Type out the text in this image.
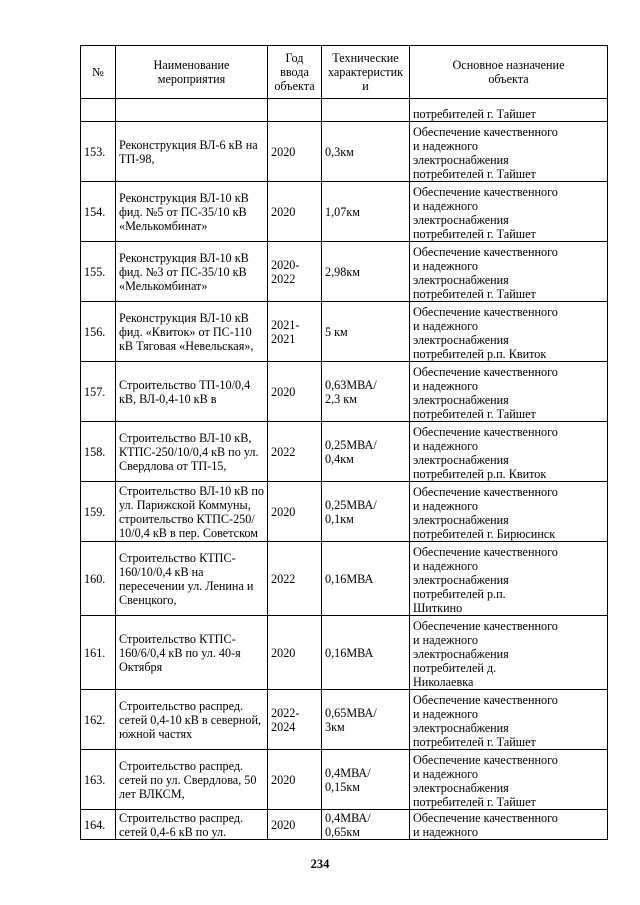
№	Наименование
мероприятия	Год
ввода
объекта	Технические
характеристик
и	Основное назначение
объекта
				потребителей г. Тайшет
153.	Реконструкция ВЛ-6 кВ на
ТП-98,	2020	0,3км	Обеспечение качественного
и надежного
электроснабжения
потребителей г. Тайшет
154.	Реконструкция ВЛ-10 кВ
фид. №5 от ПС-35/10 кВ
«Мелькомбинат»	2020	1,07км	Обеспечение качественного
и надежного
электроснабжения
потребителей г. Тайшет
155.	Реконструкция ВЛ-10 кВ
фид. №3 от ПС-35/10 кВ
«Мелькомбинат»	2020-
2022	2,98км	Обеспечение качественного
и надежного
электроснабжения
потребителей г. Тайшет
156.	Реконструкция ВЛ-10 кВ
фид. «Квиток» от ПС-110
кВ Тяговая «Невельская»,	2021-
2021	5 км	Обеспечение качественного
и надежного
электроснабжения
потребителей р.п. Квиток
157.	Строительство ТП-10/0,4
кВ, ВЛ-0,4-10 кВ в	2020	0,63МВА/
2,3 км	Обеспечение качественного
и надежного
электроснабжения
потребителей г. Тайшет
158.	Строительство ВЛ-10 кВ,
КТПС-250/10/0,4 кВ по ул.
Свердлова от ТП-15,	2022	0,25МВА/
0,4км	Обеспечение качественного
и надежного
электроснабжения
потребителей р.п. Квиток
159.	Строительство ВЛ-10 кВ по
ул. Парижской Коммуны,
строительство КТПС-250/
10/0,4 кВ в пер. Советском	2020	0,25МВА/
0,1км	Обеспечение качественного
и надежного
электроснабжения
потребителей г. Бирюсинск
160.	Строительство КТПС-
160/10/0,4 кВ на
пересечении ул. Ленина и
Свенцкого,	2022	0,16МВА	Обеспечение качественного
и надежного
электроснабжения
потребителей р.п.
Шиткино
161.	Строительство КТПС-
160/6/0,4 кВ по ул. 40-я
Октября	2020	0,16МВА	Обеспечение качественного
и надежного
электроснабжения
потребителей д.
Николаевка
162.	Строительство распред.
сетей 0,4-10 кВ в северной,
южной частях	2022-
2024	0,65МВА/
3км	Обеспечение качественного
и надежного
электроснабжения
потребителей г. Тайшет
163.	Строительство распред.
сетей по ул. Свердлова, 50
лет ВЛКСМ,	2020	0,4МВА/
0,15км	Обеспечение качественного
и надежного
электроснабжения
потребителей г. Тайшет
164.	Строительство распред.
сетей 0,4-6 кВ по ул.	2020	0,4МВА/
0,65км	Обеспечение качественного
и надежного
234
